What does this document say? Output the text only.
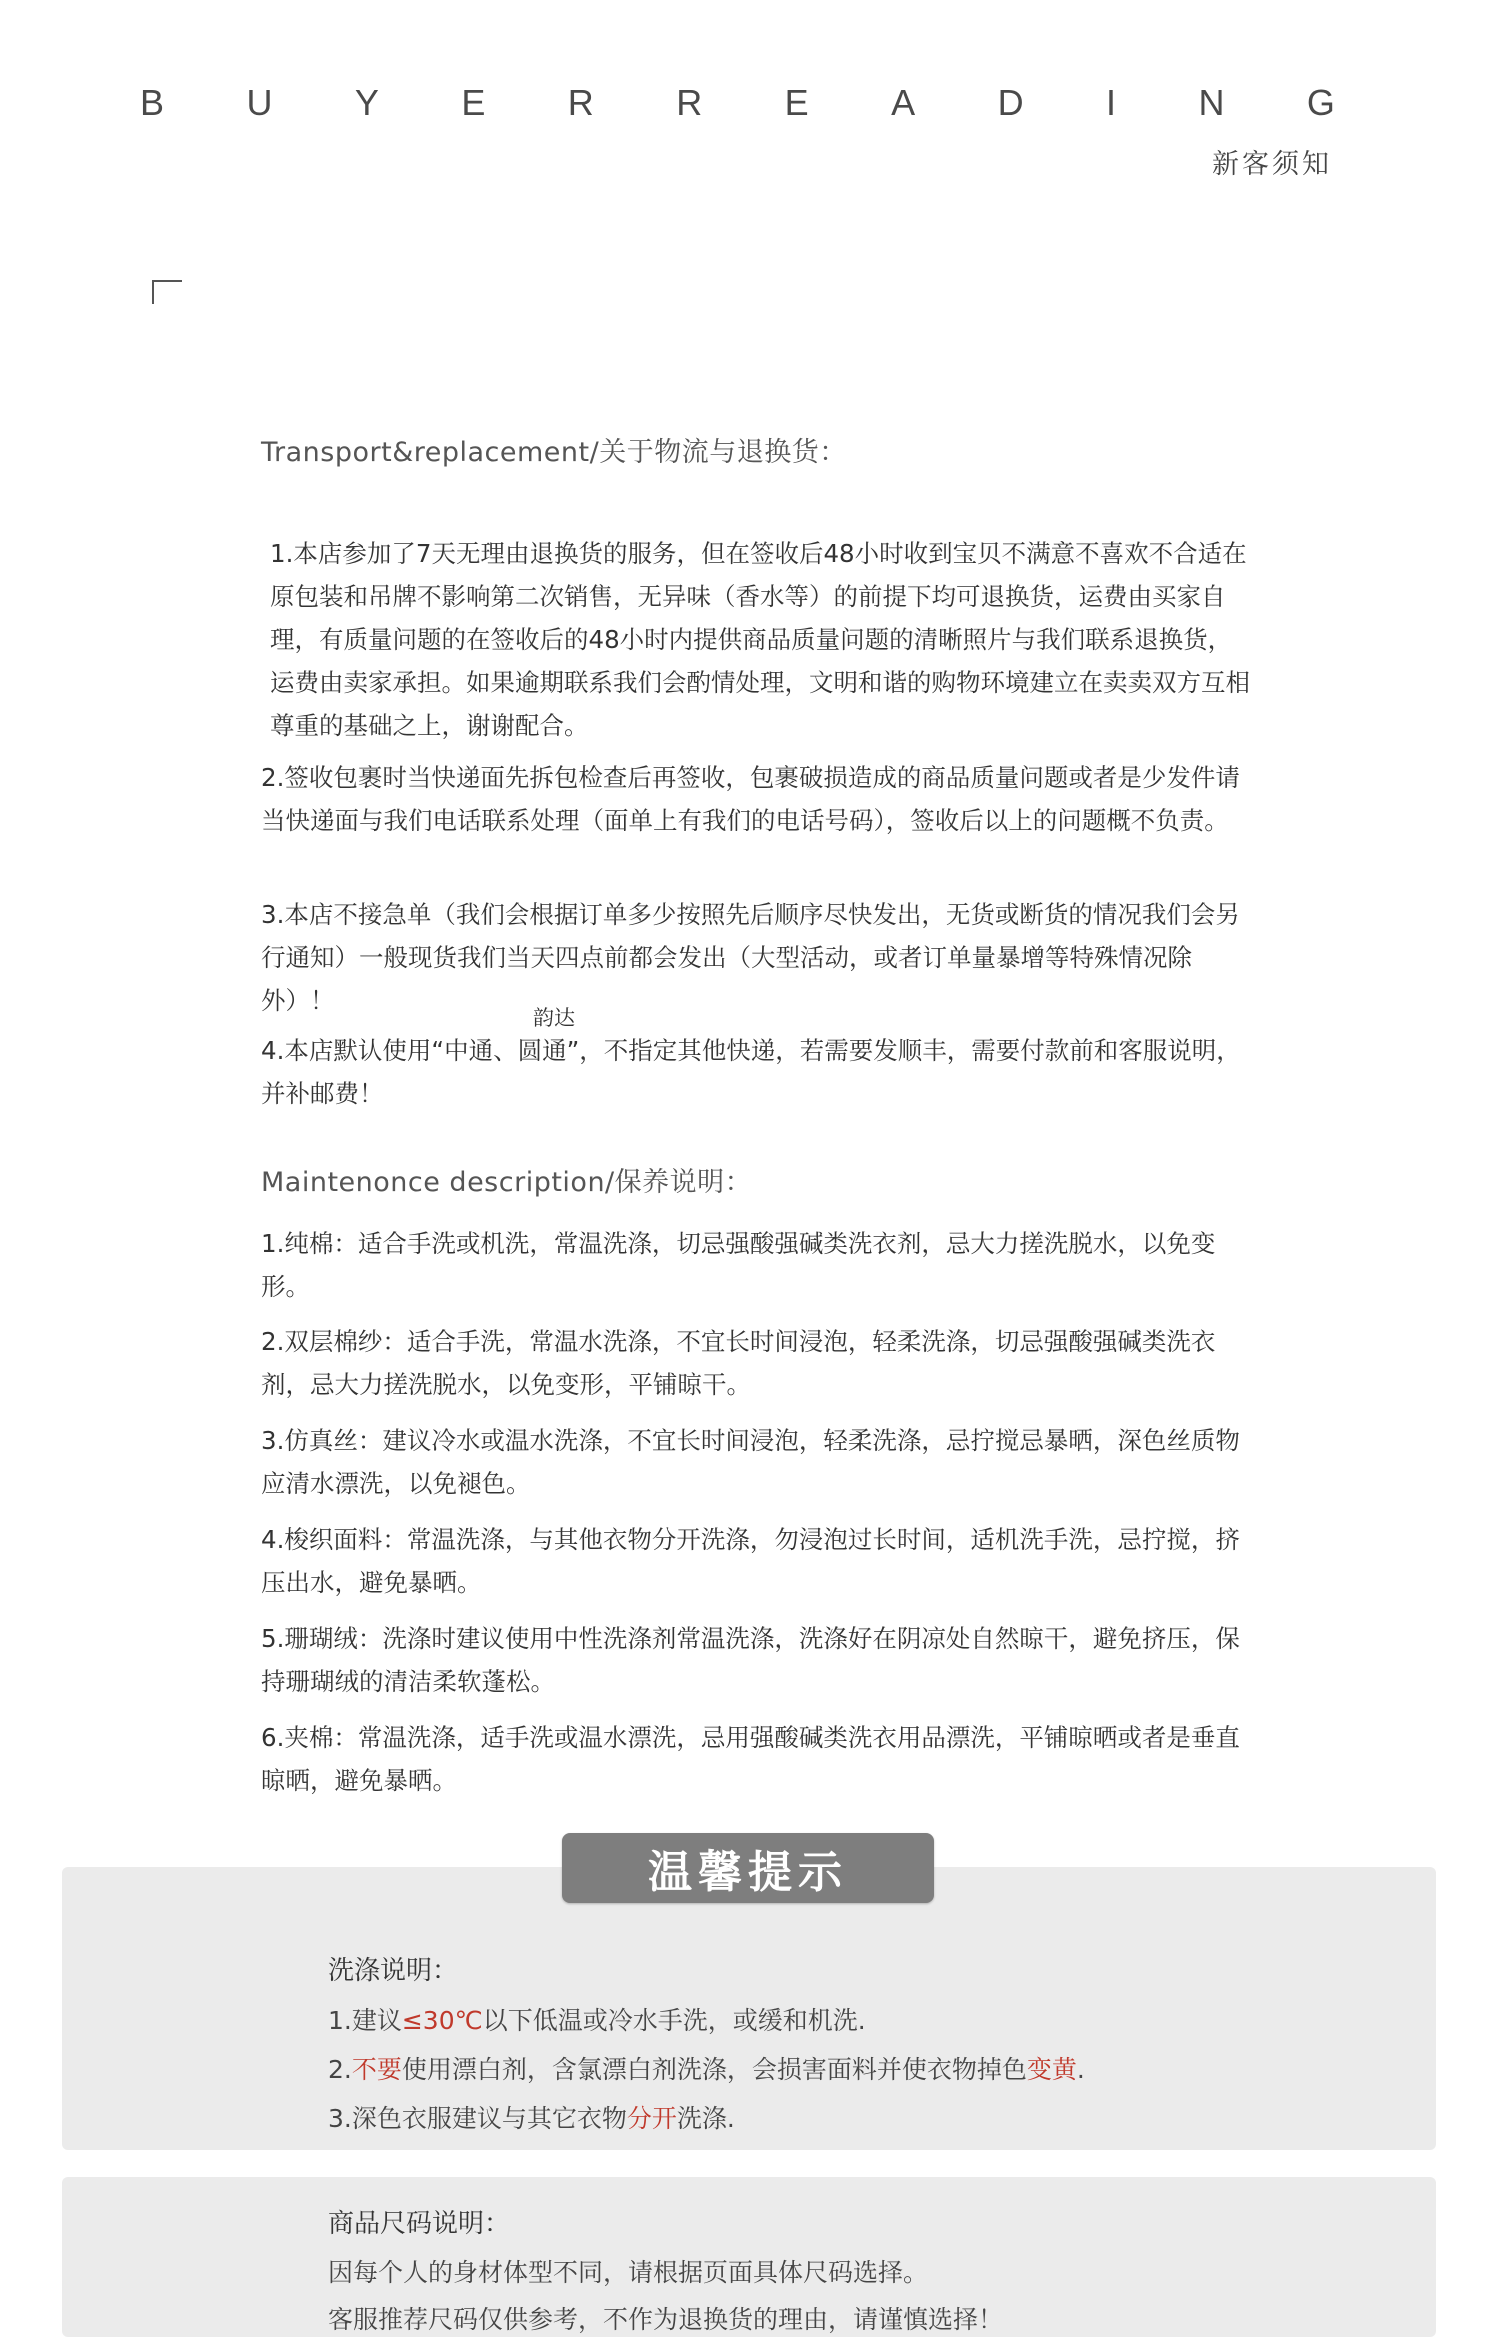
B U Y E R R E A D I N G
新客须知
Transport&replacement/关于物流与退换货：
1.本店参加了7天无理由退换货的服务，但在签收后48小时收到宝贝不满意不喜欢不合适在原包装和吊牌不影响第二次销售，无异味（香水等）的前提下均可退换货，运费由买家自理，有质量问题的在签收后的48小时内提供商品质量问题的清晰照片与我们联系退换货，运费由卖家承担。如果逾期联系我们会酌情处理，文明和谐的购物环境建立在卖卖双方互相尊重的基础之上，谢谢配合。
2.签收包裹时当快递面先拆包检查后再签收，包裹破损造成的商品质量问题或者是少发件请当快递面与我们电话联系处理（面单上有我们的电话号码），签收后以上的问题概不负责。
3.本店不接急单（我们会根据订单多少按照先后顺序尽快发出，无货或断货的情况我们会另行通知）一般现货我们当天四点前都会发出（大型活动，或者订单量暴增等特殊情况除外）！
韵达
4.本店默认使用“中通、圆通”，不指定其他快递，若需要发顺丰，需要付款前和客服说明，并补邮费！
Maintenonce description/保养说明：
1.纯棉：适合手洗或机洗，常温洗涤，切忌强酸强碱类洗衣剂，忌大力搓洗脱水，以免变形。
2.双层棉纱：适合手洗，常温水洗涤，不宜长时间浸泡，轻柔洗涤，切忌强酸强碱类洗衣剂，忌大力搓洗脱水，以免变形，平铺晾干。
3.仿真丝：建议冷水或温水洗涤，不宜长时间浸泡，轻柔洗涤，忌拧搅忌暴晒，深色丝质物应清水漂洗，以免褪色。
4.梭织面料：常温洗涤，与其他衣物分开洗涤，勿浸泡过长时间，适机洗手洗，忌拧搅，挤压出水，避免暴晒。
5.珊瑚绒：洗涤时建议使用中性洗涤剂常温洗涤，洗涤好在阴凉处自然晾干，避免挤压，保持珊瑚绒的清洁柔软蓬松。
6.夹棉：常温洗涤，适手洗或温水漂洗，忌用强酸碱类洗衣用品漂洗，平铺晾晒或者是垂直晾晒，避免暴晒。
温馨提示
洗涤说明：
1.建议≤30℃以下低温或冷水手洗，或缓和机洗.
2.不要使用漂白剂，含氯漂白剂洗涤，会损害面料并使衣物掉色变黄.
3.深色衣服建议与其它衣物分开洗涤.
商品尺码说明：
因每个人的身材体型不同，请根据页面具体尺码选择。
客服推荐尺码仅供参考，不作为退换货的理由，请谨慎选择！
